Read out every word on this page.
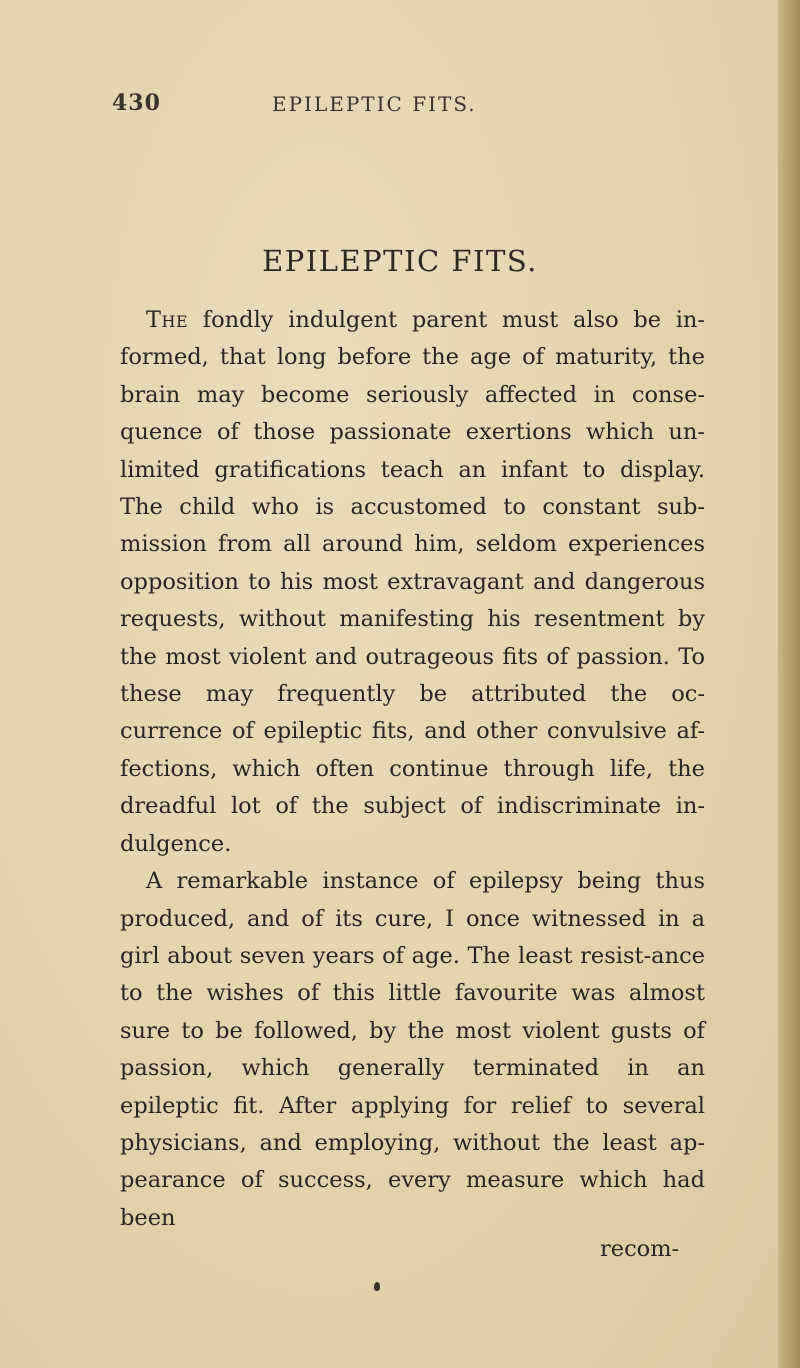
430	EPILEPTIC FITS.
EPILEPTIC FITS.

The fondly indulgent parent must also be in-formed, that long before the age of maturity, the brain may become seriously affected in conse-quence of those passionate exertions which un-limited gratifications teach an infant to display. The child who is accustomed to constant sub-mission from all around him, seldom experiences opposition to his most extravagant and dangerous requests, without manifesting his resentment by the most violent and outrageous fits of passion. To these may frequently be attributed the oc-currence of epileptic fits, and other convulsive af-fections, which often continue through life, the dreadful lot of the subject of indiscriminate in-dulgence.

A remarkable instance of epilepsy being thus produced, and of its cure, I once witnessed in a girl about seven years of age. The least resist-ance to the wishes of this little favourite was almost sure to be followed, by the most violent gusts of passion, which generally terminated in an epileptic fit. After applying for relief to several physicians, and employing, without the least ap-pearance of success, every measure which had been

recom-
